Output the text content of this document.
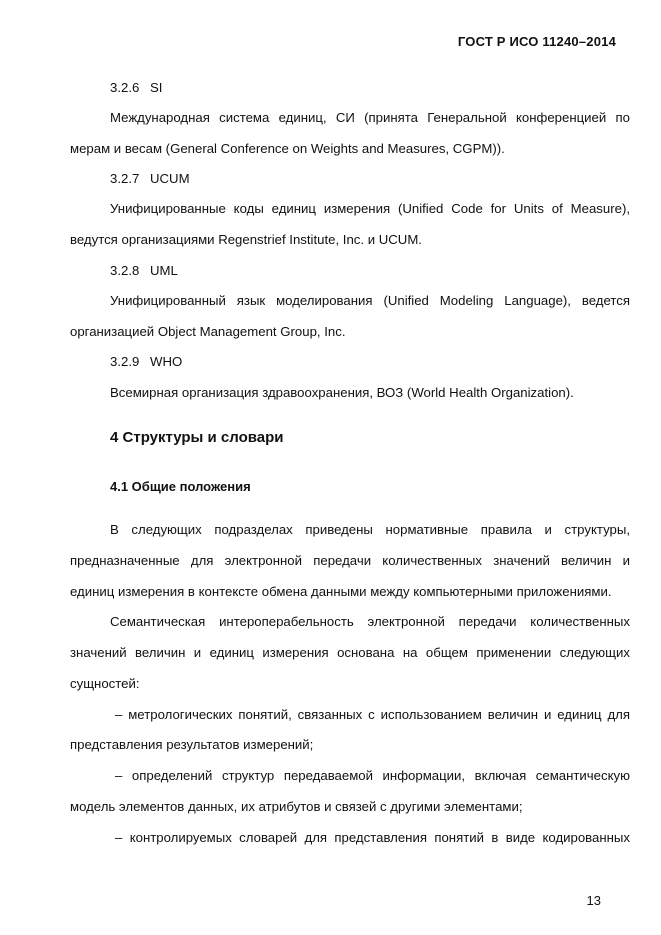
ГОСТ Р ИСО 11240–2014
3.2.6 SI
Международная система единиц, СИ (принята Генеральной конференцией по
мерам и весам (General Conference on Weights and Measures, CGPM)).
3.2.7 UCUM
Унифицированные коды единиц измерения (Unified Code for Units of Measure),
ведутся организациями Regenstrief Institute, Inc. и UCUM.
3.2.8 UML
Унифицированный язык моделирования (Unified Modeling Language), ведется
организацией Object Management Group, Inc.
3.2.9 WHO
Всемирная организация здравоохранения, ВОЗ (World Health Organization).
4 Структуры и словари
4.1 Общие положения
В следующих подразделах приведены нормативные правила и структуры,
предназначенные для электронной передачи количественных значений величин и
единиц измерения в контексте обмена данными между компьютерными приложениями.
Семантическая интероперабельность электронной передачи количественных
значений величин и единиц измерения основана на общем применении следующих
сущностей:
– метрологических понятий, связанных с использованием величин и единиц для
представления результатов измерений;
– определений структур передаваемой информации, включая семантическую
модель элементов данных, их атрибутов и связей с другими элементами;
– контролируемых словарей для представления понятий в виде кодированных
13
